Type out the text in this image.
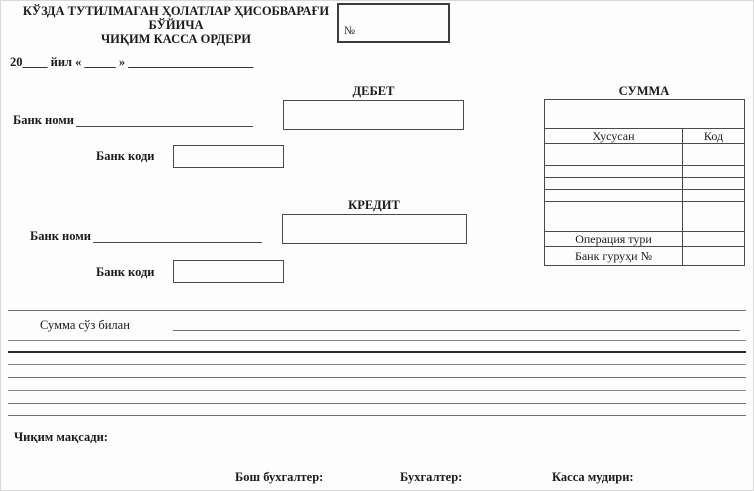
КЎЗДА ТУТИЛМАГАН ҲОЛАТЛАР ҲИСОБВАРАҒИ
БЎЙИЧА
ЧИҚИМ КАССА ОРДЕРИ
№
20____ йил « _____ » ____________________
ДЕБЕТ
Банк номи
Банк коди
КРЕДИТ
Банк номи
Банк коди
СУММА

Хусусан	Код

Операция тури	
Банк гуруҳи №	
Сумма сўз билан
Чиқим мақсади:
Бош бухгалтер:	Бухгалтер:	Касса мудири:
